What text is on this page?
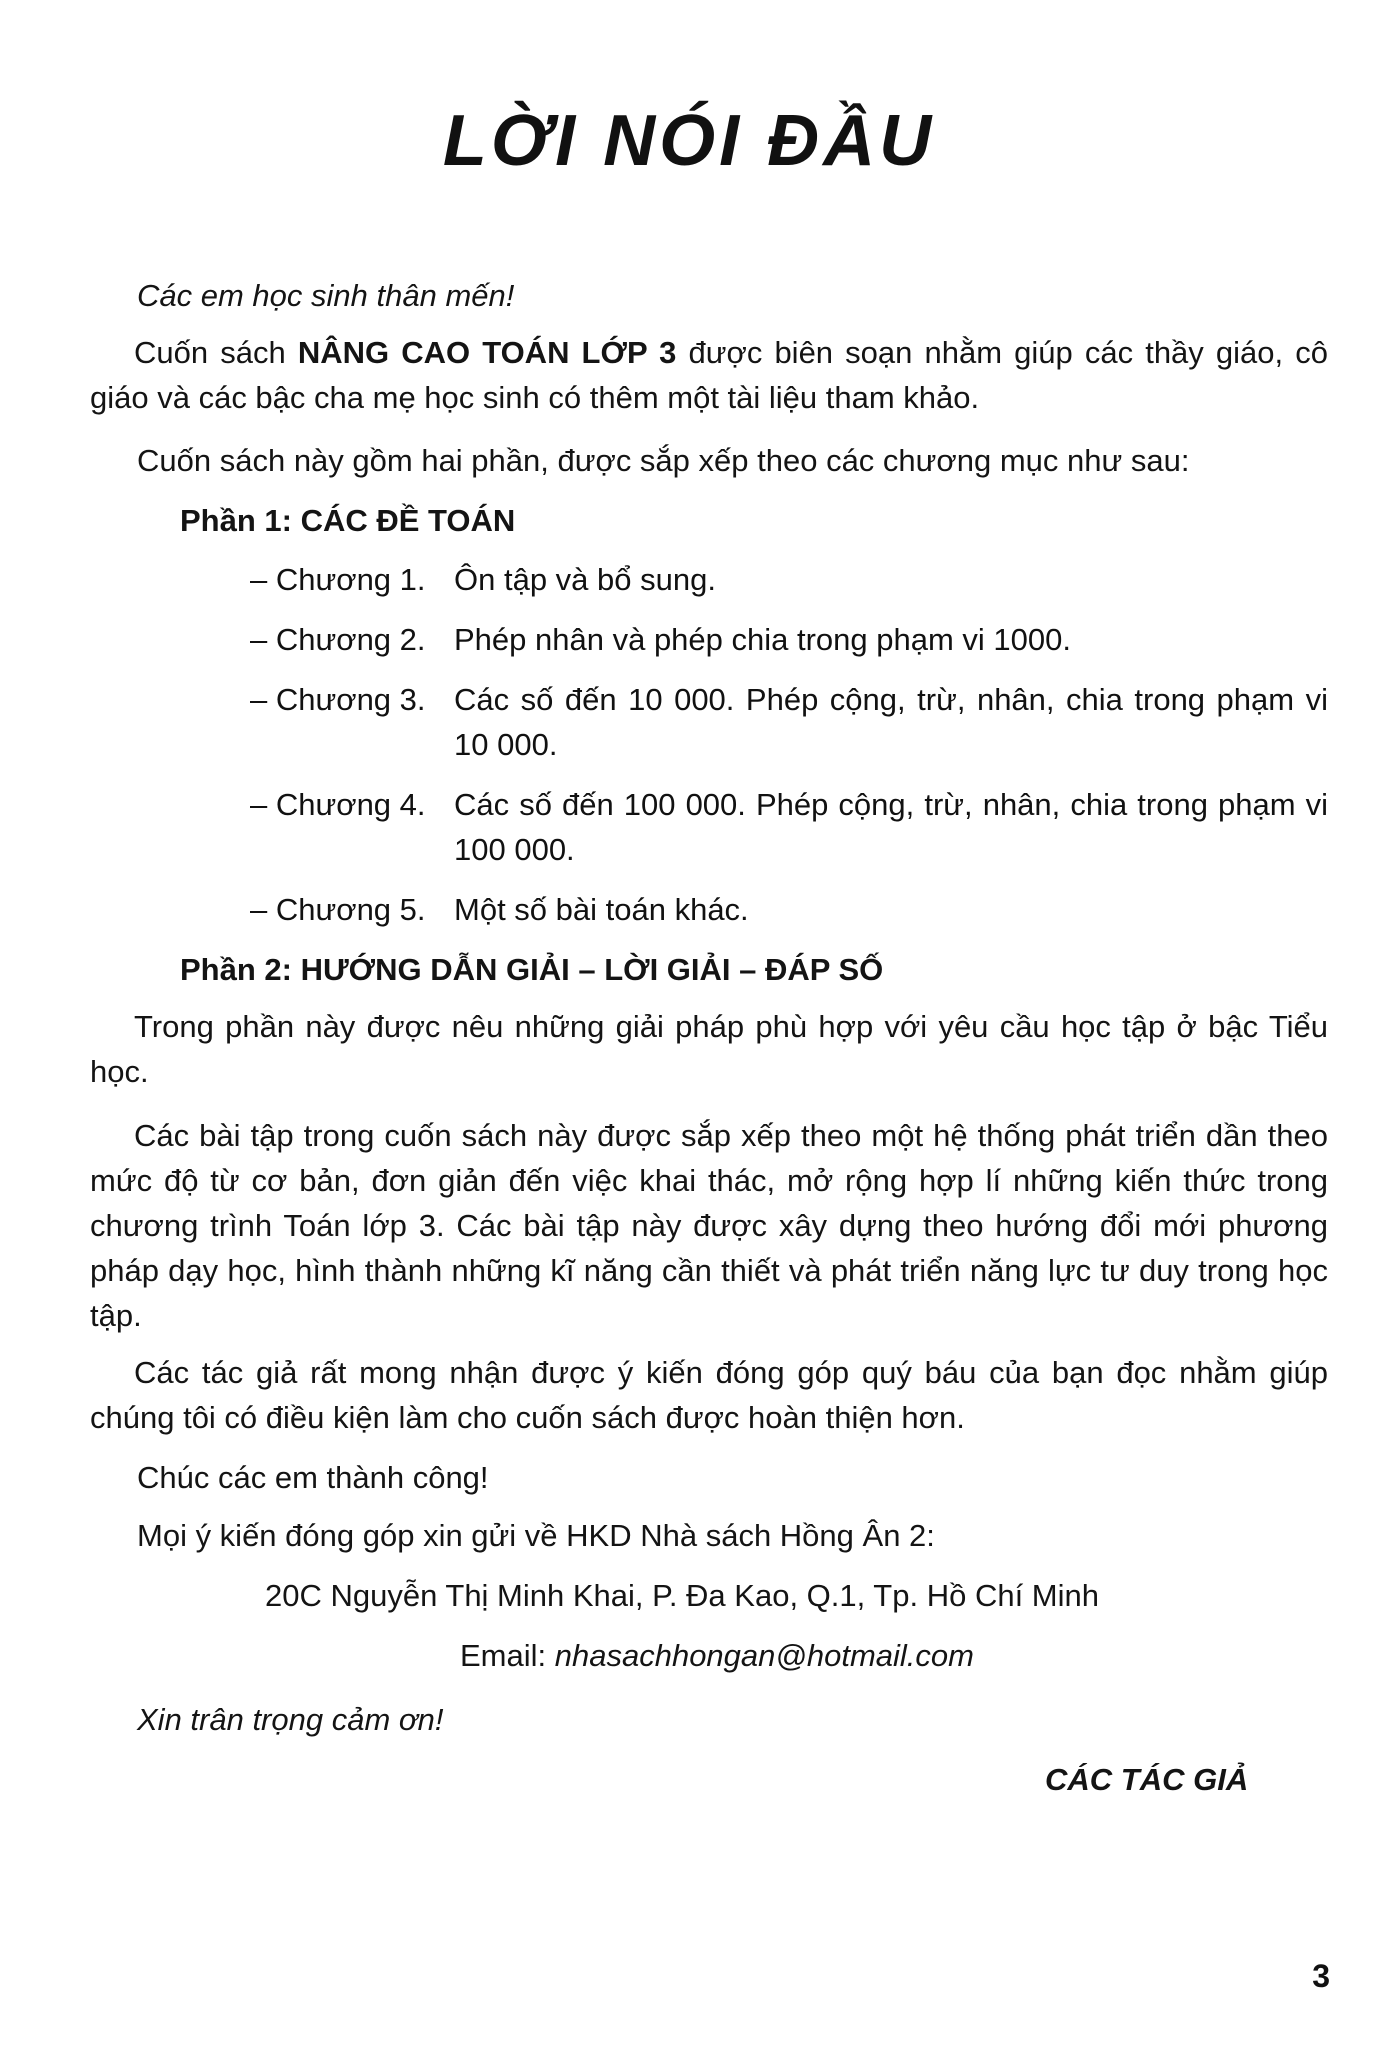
LỜI NÓI ĐẦU
Các em học sinh thân mến!
Cuốn sách NÂNG CAO TOÁN LỚP 3 được biên soạn nhằm giúp các thầy giáo, cô giáo và các bậc cha mẹ học sinh có thêm một tài liệu tham khảo.
Cuốn sách này gồm hai phần, được sắp xếp theo các chương mục như sau:
Phần 1: CÁC ĐỀ TOÁN
– Chương 1. Ôn tập và bổ sung.
– Chương 2. Phép nhân và phép chia trong phạm vi 1000.
– Chương 3. Các số đến 10 000. Phép cộng, trừ, nhân, chia trong phạm vi 10 000.
– Chương 4. Các số đến 100 000. Phép cộng, trừ, nhân, chia trong phạm vi 100 000.
– Chương 5. Một số bài toán khác.
Phần 2: HƯỚNG DẪN GIẢI – LỜI GIẢI – ĐÁP SỐ
Trong phần này được nêu những giải pháp phù hợp với yêu cầu học tập ở bậc Tiểu học.
Các bài tập trong cuốn sách này được sắp xếp theo một hệ thống phát triển dần theo mức độ từ cơ bản, đơn giản đến việc khai thác, mở rộng hợp lí những kiến thức trong chương trình Toán lớp 3. Các bài tập này được xây dựng theo hướng đổi mới phương pháp dạy học, hình thành những kĩ năng cần thiết và phát triển năng lực tư duy trong học tập.
Các tác giả rất mong nhận được ý kiến đóng góp quý báu của bạn đọc nhằm giúp chúng tôi có điều kiện làm cho cuốn sách được hoàn thiện hơn.
Chúc các em thành công!
Mọi ý kiến đóng góp xin gửi về HKD Nhà sách Hồng Ân 2:
20C Nguyễn Thị Minh Khai, P. Đa Kao, Q.1, Tp. Hồ Chí Minh
Email: nhasachhongan@hotmail.com
Xin trân trọng cảm ơn!
CÁC TÁC GIẢ
3
